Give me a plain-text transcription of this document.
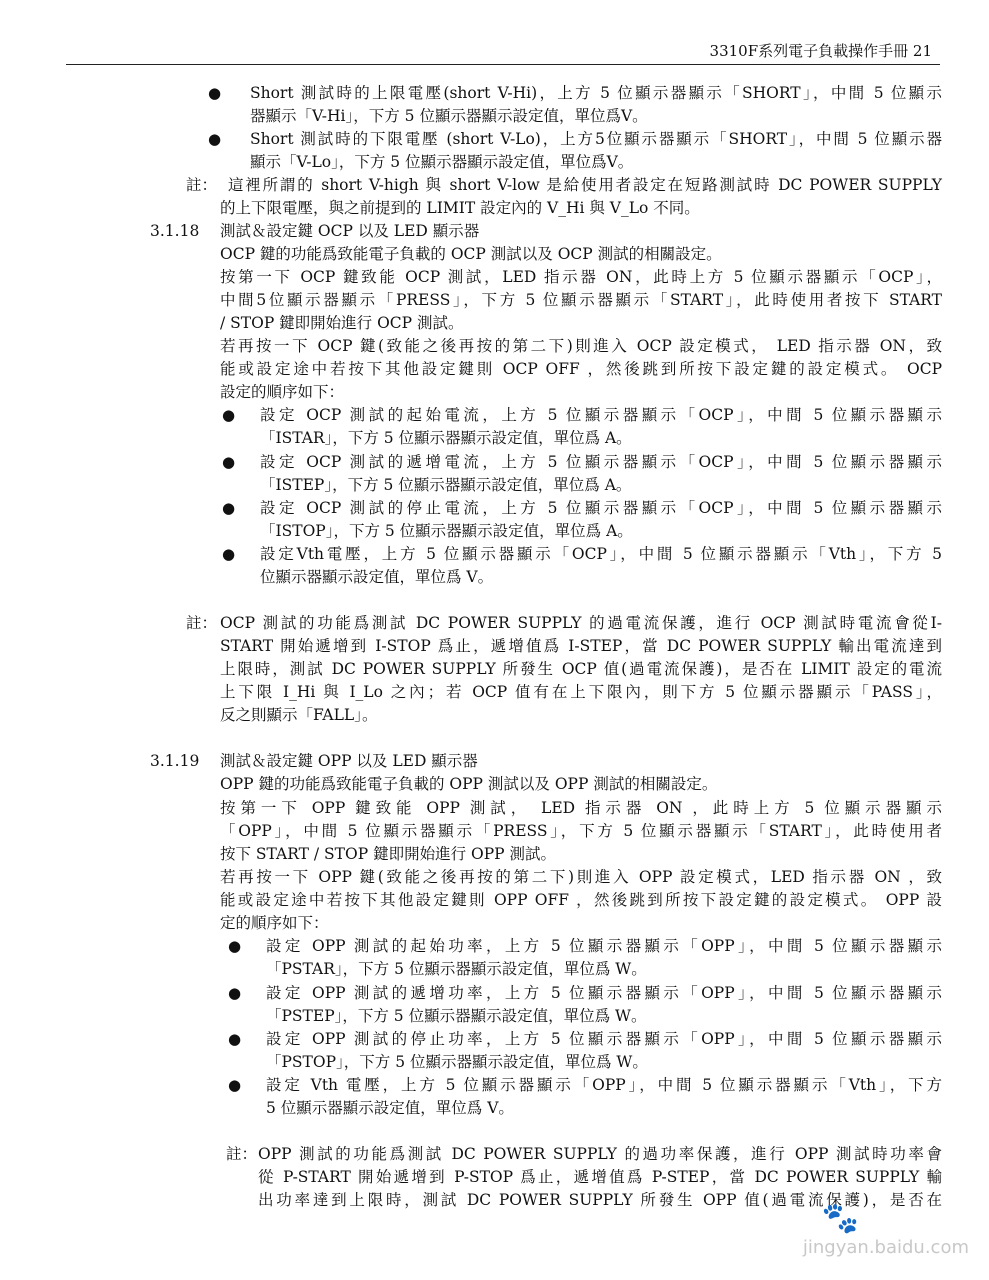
3310F系列電子負載操作手冊 21
● Short 測試時的上限電壓(short V-Hi)，上方 5 位顯示器顯示「SHORT」，中間 5 位顯示
器顯示「V-Hi」，下方 5 位顯示器顯示設定值，單位爲V。
● Short 測試時的下限電壓 (short V-Lo)，上方5位顯示器顯示「SHORT」，中間 5 位顯示器
顯示「V-Lo」，下方 5 位顯示器顯示設定值，單位爲V。
註： 這裡所謂的 short V-high 與 short V-low 是給使用者設定在短路測試時 DC POWER SUPPLY
的上下限電壓，與之前提到的 LIMIT 設定內的 V_Hi 與 V_Lo 不同。
3.1.18 測試＆設定鍵 OCP 以及 LED 顯示器
OCP 鍵的功能爲致能電子負載的 OCP 測試以及 OCP 測試的相關設定。
按第一下 OCP 鍵致能 OCP 測試，LED 指示器 ON，此時上方 5 位顯示器顯示「OCP」，
中間5位顯示器顯示「PRESS」，下方 5 位顯示器顯示「START」，此時使用者按下 START
/ STOP 鍵即開始進行 OCP 測試。
若再按一下 OCP 鍵(致能之後再按的第二下)則進入 OCP 設定模式， LED 指示器 ON，致
能或設定途中若按下其他設定鍵則 OCP OFF ，然後跳到所按下設定鍵的設定模式。 OCP
設定的順序如下：
● 設定 OCP 測試的起始電流，上方 5 位顯示器顯示「OCP」，中間 5 位顯示器顯示
「ISTAR」，下方 5 位顯示器顯示設定值，單位爲 A。
● 設定 OCP 測試的遞增電流，上方 5 位顯示器顯示「OCP」，中間 5 位顯示器顯示
「ISTEP」，下方 5 位顯示器顯示設定值，單位爲 A。
● 設定 OCP 測試的停止電流，上方 5 位顯示器顯示「OCP」，中間 5 位顯示器顯示
「ISTOP」，下方 5 位顯示器顯示設定值，單位爲 A。
● 設定Vth電壓，上方 5 位顯示器顯示「OCP」，中間 5 位顯示器顯示「Vth」，下方 5
位顯示器顯示設定值，單位爲 V。
註： OCP 測試的功能爲測試 DC POWER SUPPLY 的過電流保護，進行 OCP 測試時電流會從I-
START 開始遞增到 I-STOP 爲止，遞增值爲 I-STEP，當 DC POWER SUPPLY 輸出電流達到
上限時，測試 DC POWER SUPPLY 所發生 OCP 值(過電流保護)，是否在 LIMIT 設定的電流
上下限 I_Hi 與 I_Lo 之內；若 OCP 值有在上下限內，則下方 5 位顯示器顯示「PASS」，
反之則顯示「FALL」。
3.1.19 測試＆設定鍵 OPP 以及 LED 顯示器
OPP 鍵的功能爲致能電子負載的 OPP 測試以及 OPP 測試的相關設定。
按第一下 OPP 鍵致能 OPP 測試， LED 指示器 ON ，此時上方 5 位顯示器顯示
「OPP」，中間 5 位顯示器顯示「PRESS」，下方 5 位顯示器顯示「START」，此時使用者
按下 START / STOP 鍵即開始進行 OPP 測試。
若再按一下 OPP 鍵(致能之後再按的第二下)則進入 OPP 設定模式，LED 指示器 ON ，致
能或設定途中若按下其他設定鍵則 OPP OFF ，然後跳到所按下設定鍵的設定模式。 OPP 設
定的順序如下：
● 設定 OPP 測試的起始功率，上方 5 位顯示器顯示「OPP」，中間 5 位顯示器顯示
「PSTAR」，下方 5 位顯示器顯示設定值，單位爲 W。
● 設定 OPP 測試的遞增功率，上方 5 位顯示器顯示「OPP」，中間 5 位顯示器顯示
「PSTEP」，下方 5 位顯示器顯示設定值，單位爲 W。
● 設定 OPP 測試的停止功率，上方 5 位顯示器顯示「OPP」，中間 5 位顯示器顯示
「PSTOP」，下方 5 位顯示器顯示設定值，單位爲 W。
● 設定 Vth 電壓，上方 5 位顯示器顯示「OPP」，中間 5 位顯示器顯示「Vth」，下方
5 位顯示器顯示設定值，單位爲 V。
註： OPP 測試的功能爲測試 DC POWER SUPPLY 的過功率保護，進行 OPP 測試時功率會
從 P-START 開始遞增到 P-STOP 爲止，遞增值爲 P-STEP，當 DC POWER SUPPLY 輸
出功率達到上限時，測試 DC POWER SUPPLY 所發生 OPP 值(過電流保護)，是否在
🐾
jingyan.baidu.com
